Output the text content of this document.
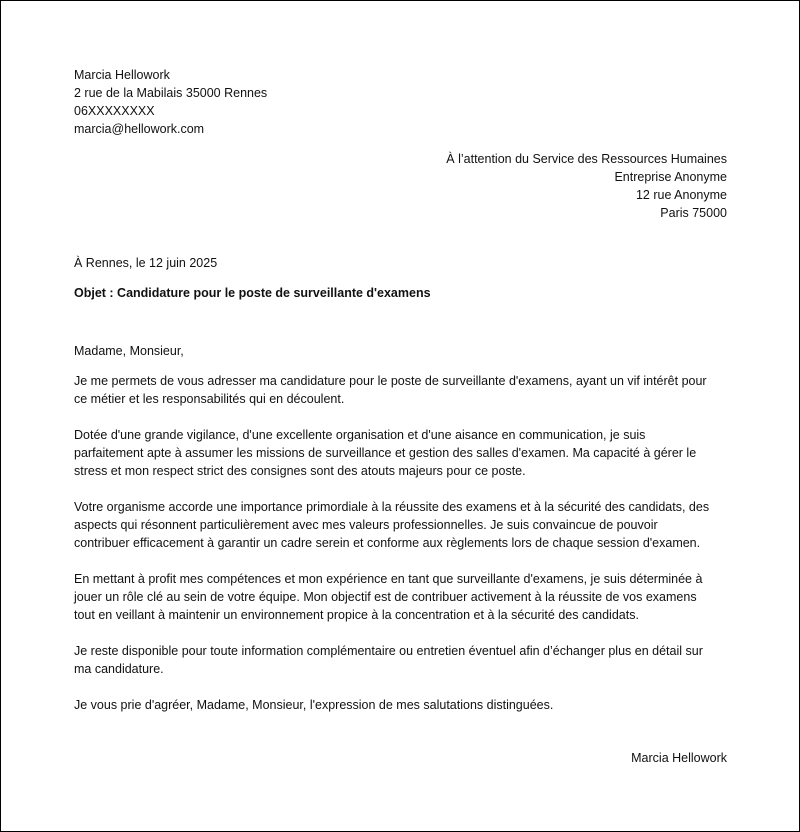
Marcia Hellowork
2 rue de la Mabilais 35000 Rennes
06XXXXXXXX
marcia@hellowork.com
À l’attention du Service des Ressources Humaines
Entreprise Anonyme
12 rue Anonyme
Paris 75000
À Rennes, le 12 juin 2025
Objet : Candidature pour le poste de surveillante d'examens
Madame, Monsieur,

Je me permets de vous adresser ma candidature pour le poste de surveillante d'examens, ayant un vif intérêt pour
ce métier et les responsabilités qui en découlent.

Dotée d'une grande vigilance, d'une excellente organisation et d'une aisance en communication, je suis
parfaitement apte à assumer les missions de surveillance et gestion des salles d'examen. Ma capacité à gérer le
stress et mon respect strict des consignes sont des atouts majeurs pour ce poste.

Votre organisme accorde une importance primordiale à la réussite des examens et à la sécurité des candidats, des
aspects qui résonnent particulièrement avec mes valeurs professionnelles. Je suis convaincue de pouvoir
contribuer efficacement à garantir un cadre serein et conforme aux règlements lors de chaque session d'examen.

En mettant à profit mes compétences et mon expérience en tant que surveillante d'examens, je suis déterminée à
jouer un rôle clé au sein de votre équipe. Mon objectif est de contribuer activement à la réussite de vos examens
tout en veillant à maintenir un environnement propice à la concentration et à la sécurité des candidats.

Je reste disponible pour toute information complémentaire ou entretien éventuel afin d’échanger plus en détail sur
ma candidature.

Je vous prie d'agréer, Madame, Monsieur, l'expression de mes salutations distinguées.

Marcia Hellowork
